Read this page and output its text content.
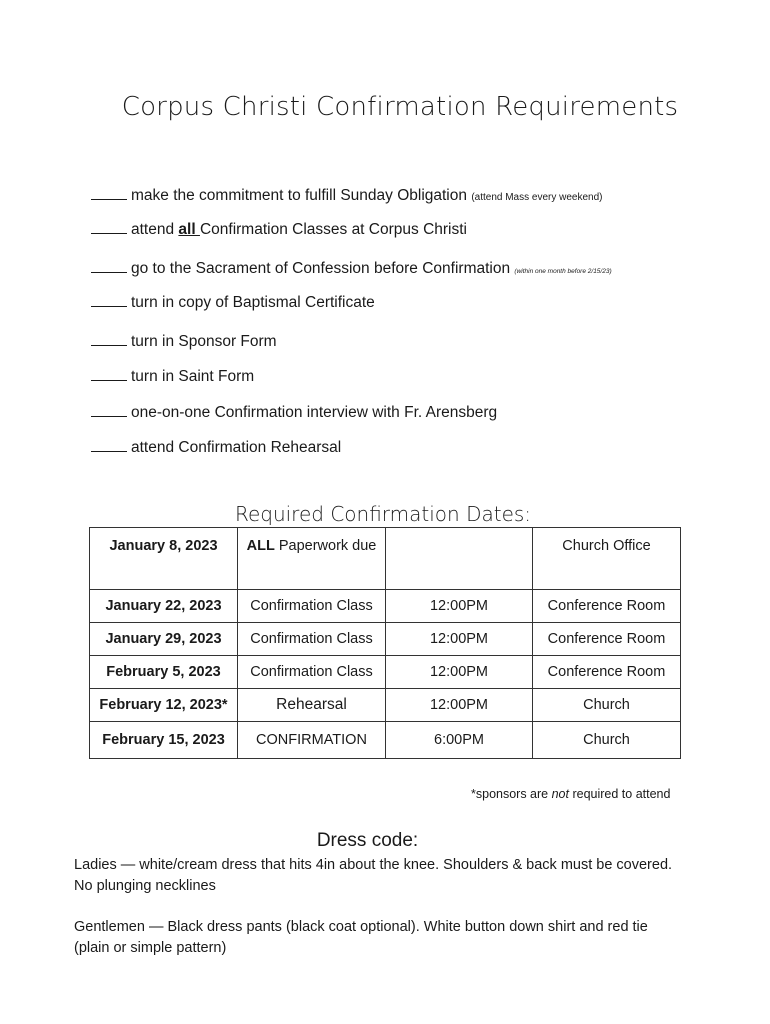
Corpus Christi Confirmation Requirements
make the commitment to fulfill Sunday Obligation (attend Mass every weekend)
attend all Confirmation Classes at Corpus Christi
go to the Sacrament of Confession before Confirmation (within one month before 2/15/23)
turn in copy of Baptismal Certificate
turn in Sponsor Form
turn in Saint Form
one-on-one Confirmation interview with Fr. Arensberg
attend Confirmation Rehearsal
Required Confirmation Dates:
January 8, 2023	ALL Paperwork due		Church Office
January 22, 2023	Confirmation Class	12:00PM	Conference Room
January 29, 2023	Confirmation Class	12:00PM	Conference Room
February 5, 2023	Confirmation Class	12:00PM	Conference Room
February 12, 2023*	Rehearsal	12:00PM	Church
February 15, 2023	CONFIRMATION	6:00PM	Church
*sponsors are not required to attend
Dress code:
Ladies — white/cream dress that hits 4in about the knee. Shoulders & back must be covered. No plunging necklines
Gentlemen — Black dress pants (black coat optional). White button down shirt and red tie (plain or simple pattern)
